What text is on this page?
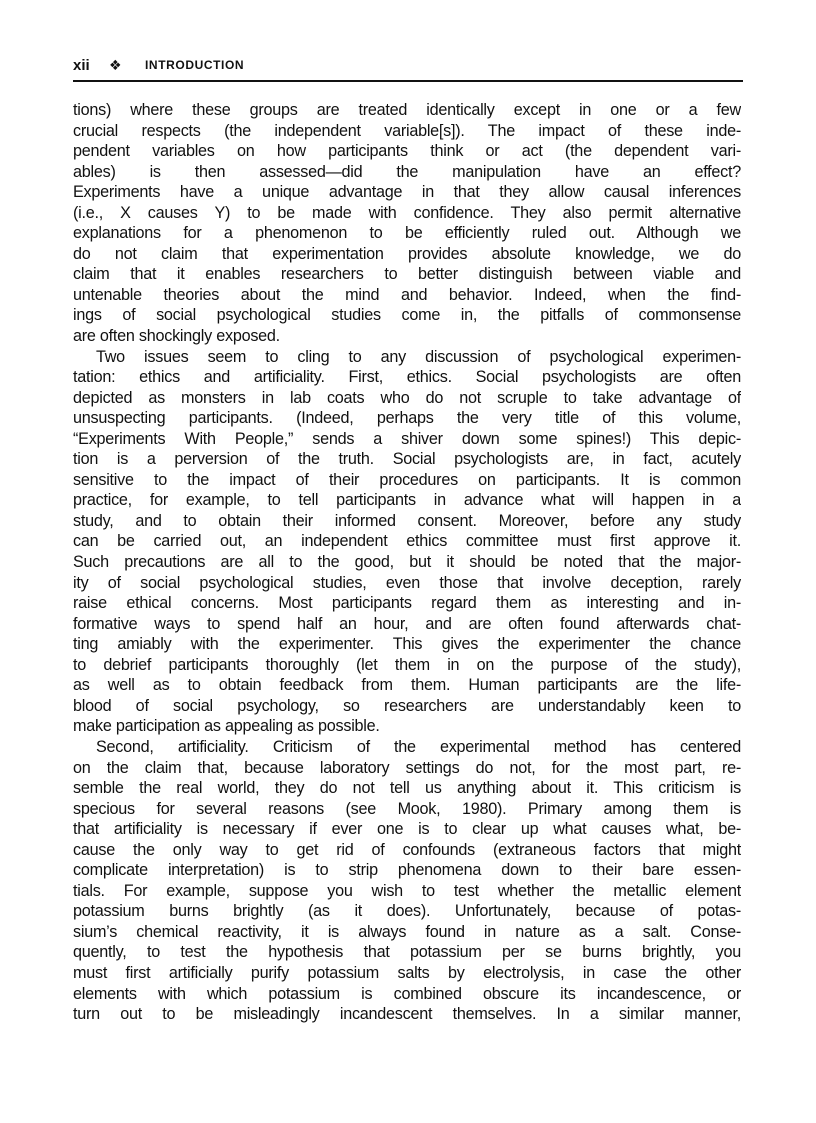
xii	❖	INTRODUCTION
tions) where these groups are treated identically except in one or a few
crucial respects (the independent variable[s]). The impact of these inde-
pendent variables on how participants think or act (the dependent vari-
ables) is then assessed—did the manipulation have an effect?
Experiments have a unique advantage in that they allow causal inferences
(i.e., X causes Y) to be made with confidence. They also permit alternative
explanations for a phenomenon to be efficiently ruled out. Although we
do not claim that experimentation provides absolute knowledge, we do
claim that it enables researchers to better distinguish between viable and
untenable theories about the mind and behavior. Indeed, when the find-
ings of social psychological studies come in, the pitfalls of commonsense
are often shockingly exposed.
Two issues seem to cling to any discussion of psychological experimen-
tation: ethics and artificiality. First, ethics. Social psychologists are often
depicted as monsters in lab coats who do not scruple to take advantage of
unsuspecting participants. (Indeed, perhaps the very title of this volume,
“Experiments With People,” sends a shiver down some spines!) This depic-
tion is a perversion of the truth. Social psychologists are, in fact, acutely
sensitive to the impact of their procedures on participants. It is common
practice, for example, to tell participants in advance what will happen in a
study, and to obtain their informed consent. Moreover, before any study
can be carried out, an independent ethics committee must first approve it.
Such precautions are all to the good, but it should be noted that the major-
ity of social psychological studies, even those that involve deception, rarely
raise ethical concerns. Most participants regard them as interesting and in-
formative ways to spend half an hour, and are often found afterwards chat-
ting amiably with the experimenter. This gives the experimenter the chance
to debrief participants thoroughly (let them in on the purpose of the study),
as well as to obtain feedback from them. Human participants are the life-
blood of social psychology, so researchers are understandably keen to
make participation as appealing as possible.
Second, artificiality. Criticism of the experimental method has centered
on the claim that, because laboratory settings do not, for the most part, re-
semble the real world, they do not tell us anything about it. This criticism is
specious for several reasons (see Mook, 1980). Primary among them is
that artificiality is necessary if ever one is to clear up what causes what, be-
cause the only way to get rid of confounds (extraneous factors that might
complicate interpretation) is to strip phenomena down to their bare essen-
tials. For example, suppose you wish to test whether the metallic element
potassium burns brightly (as it does). Unfortunately, because of potas-
sium’s chemical reactivity, it is always found in nature as a salt. Conse-
quently, to test the hypothesis that potassium per se burns brightly, you
must first artificially purify potassium salts by electrolysis, in case the other
elements with which potassium is combined obscure its incandescence, or
turn out to be misleadingly incandescent themselves. In a similar manner,
